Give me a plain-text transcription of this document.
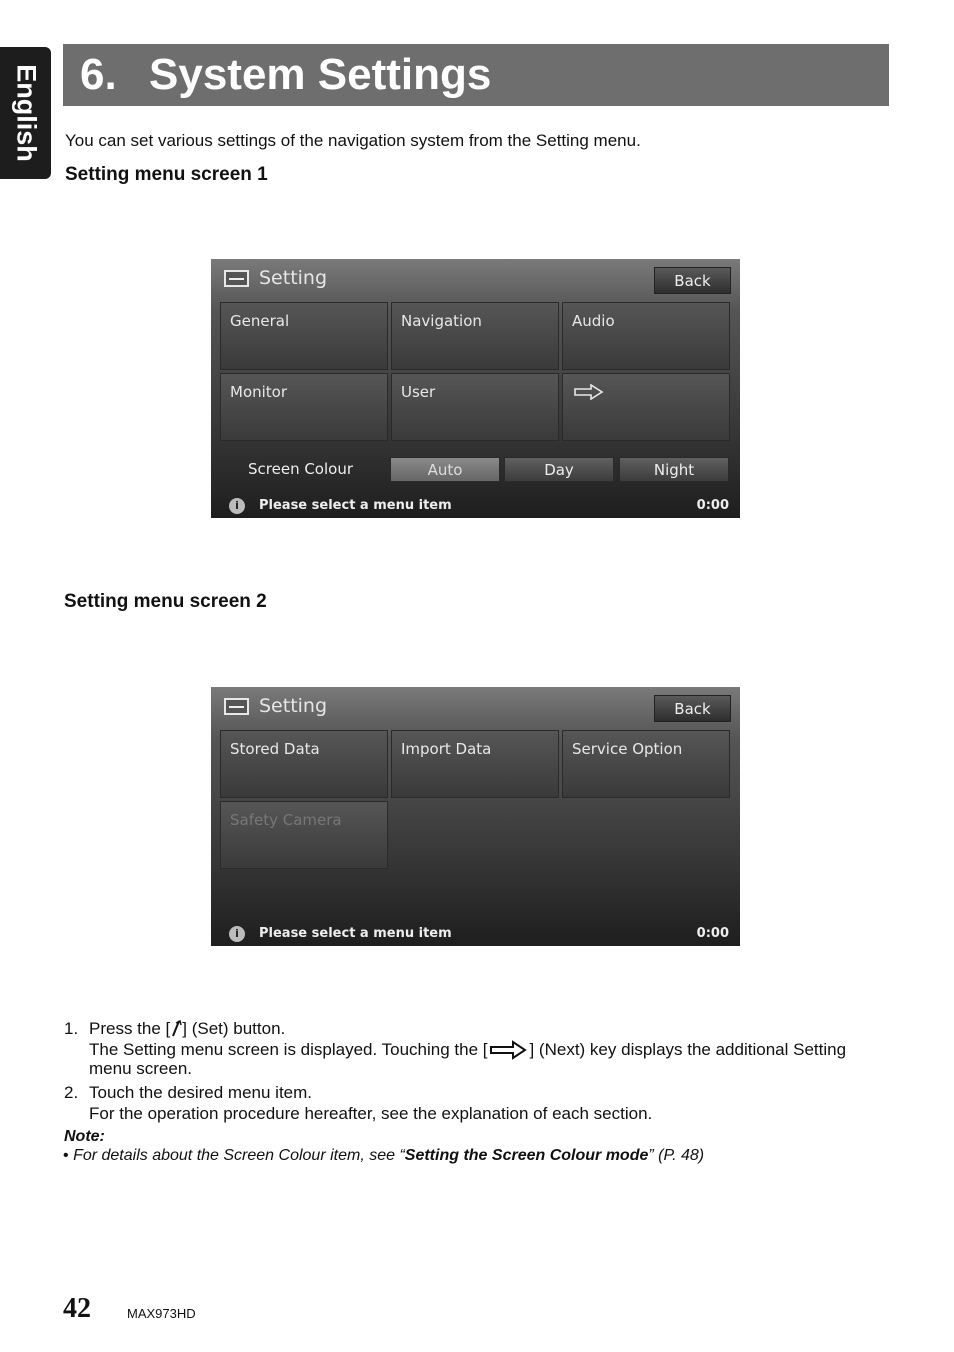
English 6. System Settings
You can set various settings of the navigation system from the Setting menu.
Setting menu screen 1
Setting	Back
General	Navigation	Audio
Monitor	User
Screen Colour	Auto	Day	Night
i	Please select a menu item	0:00
Setting menu screen 2
Setting	Back
Stored Data	Import Data	Service Option
Safety Camera
i	Please select a menu item	0:00
1. Press the [ ] (Set) button.
The Setting menu screen is displayed. Touching the [ ] (Next) key displays the additional Setting
menu screen.
2. Touch the desired menu item.
For the operation procedure hereafter, see the explanation of each section.
Note:
• For details about the Screen Colour item, see “Setting the Screen Colour mode” (P. 48)
42	MAX973HD
